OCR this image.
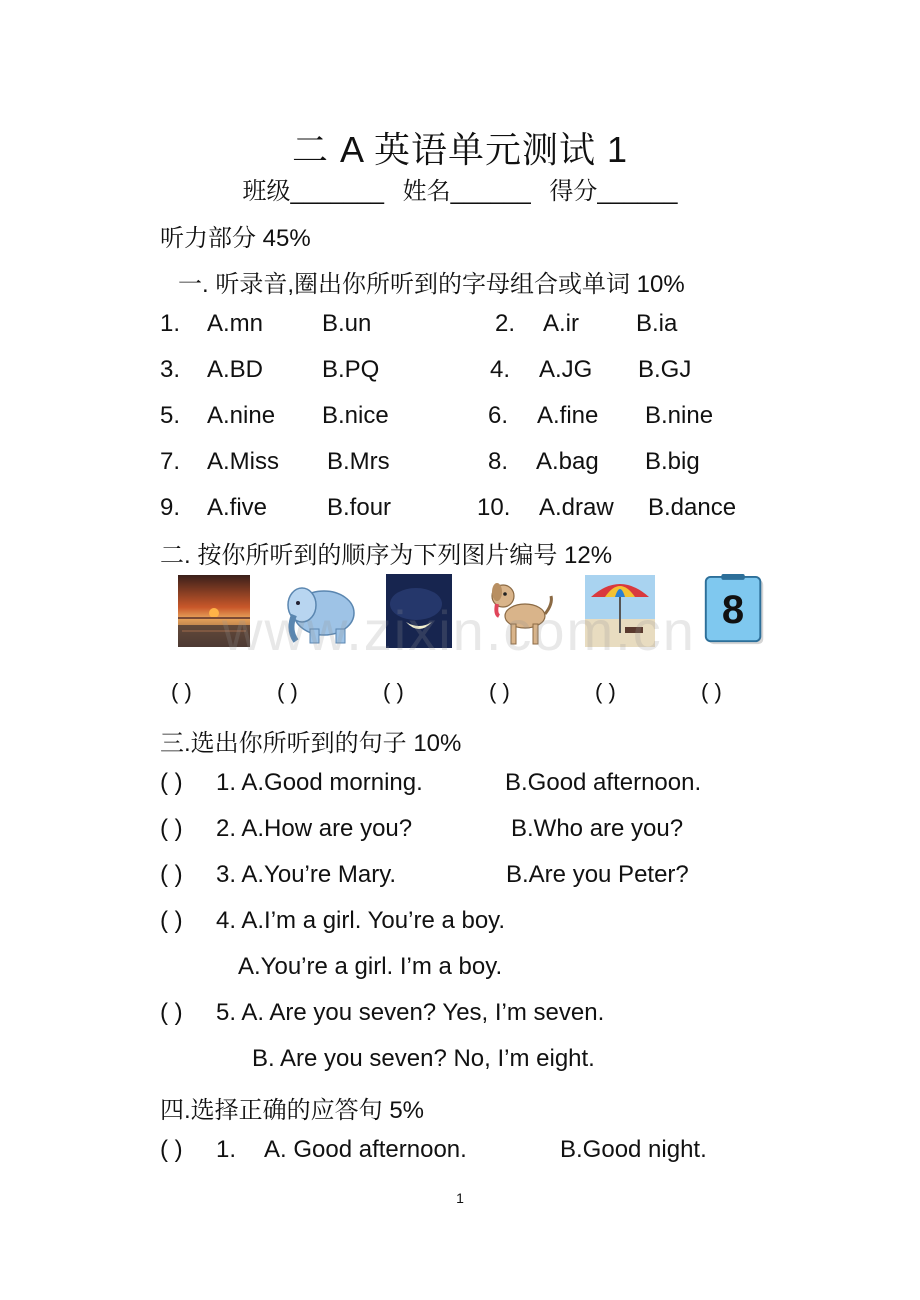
二 A 英语单元测试 1
班级_______ 姓名______ 得分______
听力部分 45%
一. 听录音,圈出你所听到的字母组合或单词 10%
1. A.mn B.un	2. A.ir B.ia
3. A.BD B.PQ	4. A.JG B.GJ
5. A.nine B.nice	6. A.fine B.nine
7. A.Miss B.Mrs	8. A.bag B.big
9. A.five B.four	10. A.draw B.dance
二. 按你所听到的顺序为下列图片编号 12%
8
www.zixin.com.cn
( )	( )	( )	( )	( )	( )
三.选出你所听到的句子 10%
( ) 1. A.Good morning.	B.Good afternoon.
( ) 2. A.How are you?	B.Who are you?
( ) 3. A.You’re Mary.	B.Are you Peter?
( ) 4. A.I’m a girl. You’re a boy.
A.You’re a girl. I’m a boy.
( ) 5. A. Are you seven? Yes, I’m seven.
B. Are you seven? No, I’m eight.
四.选择正确的应答句 5%
( ) 1. A. Good afternoon.	B.Good night.
1
